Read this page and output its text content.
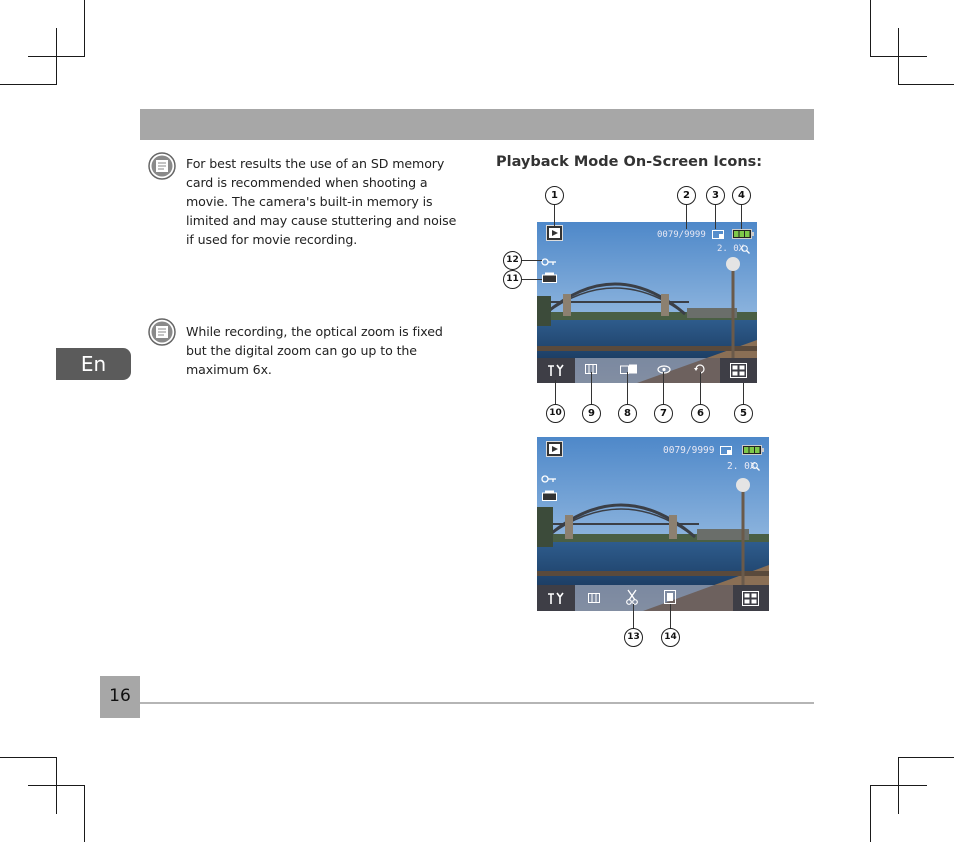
En
For best results the use of an SD memory card is recommended when shooting a movie. The camera's built-in memory is limited and may cause stuttering and noise if used for movie recording.
While recording, the optical zoom is fixed but the digital zoom can go up to the maximum 6x.
Playback Mode On-Screen Icons:
0079/9999
2. 0X
1	2	3	4
12
11
10	9	8	7	6	5
0079/9999
2. 0X
13	14
16
